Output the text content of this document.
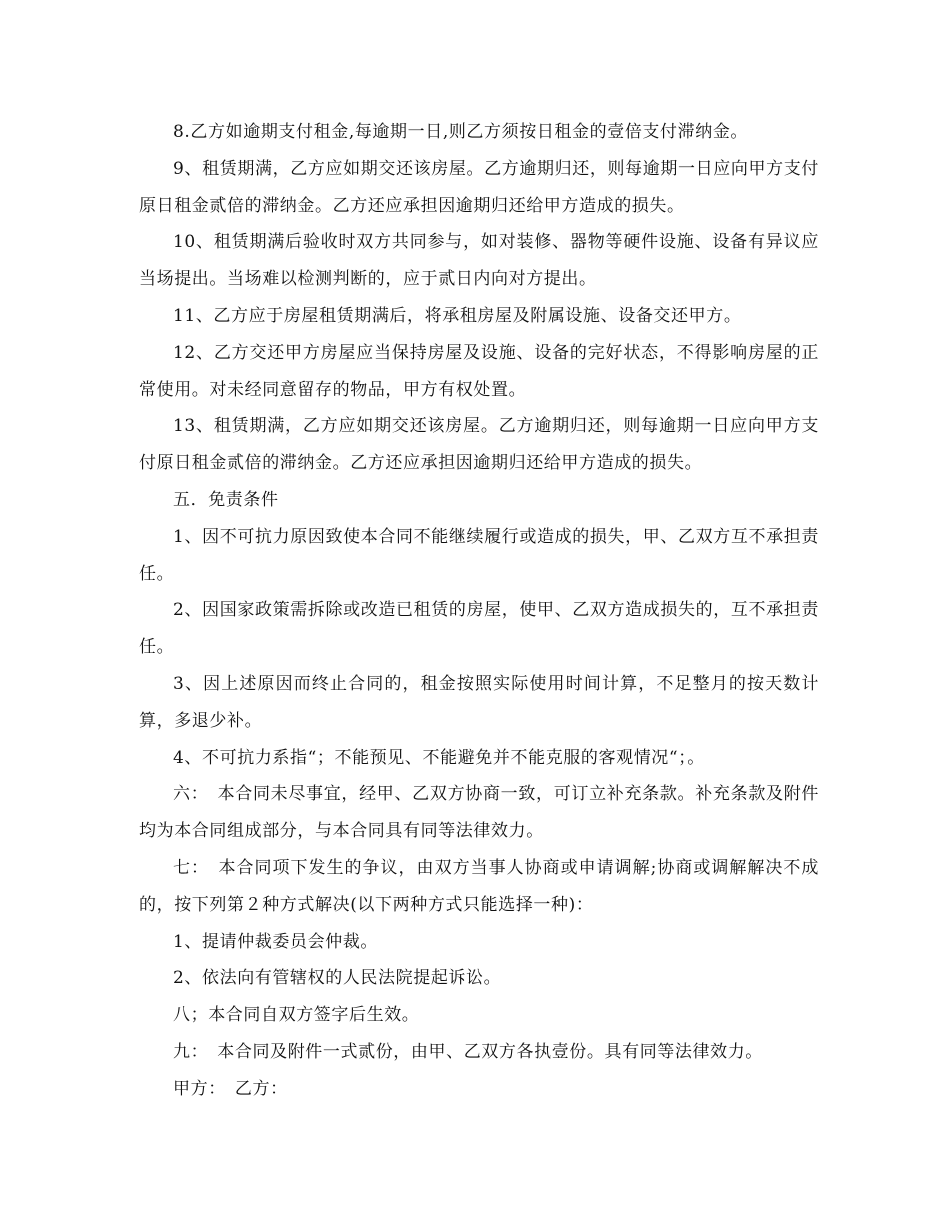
8.乙方如逾期支付租金,每逾期一日,则乙方须按日租金的壹倍支付滞纳金。

9、租赁期满，乙方应如期交还该房屋。乙方逾期归还，则每逾期一日应向甲方支付原日租金贰倍的滞纳金。乙方还应承担因逾期归还给甲方造成的损失。

10、租赁期满后验收时双方共同参与，如对装修、器物等硬件设施、设备有异议应当场提出。当场难以检测判断的，应于贰日内向对方提出。

11、乙方应于房屋租赁期满后，将承租房屋及附属设施、设备交还甲方。

12、乙方交还甲方房屋应当保持房屋及设施、设备的完好状态，不得影响房屋的正常使用。对未经同意留存的物品，甲方有权处置。

13、租赁期满，乙方应如期交还该房屋。乙方逾期归还，则每逾期一日应向甲方支付原日租金贰倍的滞纳金。乙方还应承担因逾期归还给甲方造成的损失。

五．免责条件

1、因不可抗力原因致使本合同不能继续履行或造成的损失，甲、乙双方互不承担责任。

2、因国家政策需拆除或改造已租赁的房屋，使甲、乙双方造成损失的，互不承担责任。

3、因上述原因而终止合同的，租金按照实际使用时间计算，不足整月的按天数计算，多退少补。

4、不可抗力系指“；不能预见、不能避免并不能克服的客观情况“；。

六：　本合同未尽事宜，经甲、乙双方协商一致，可订立补充条款。补充条款及附件均为本合同组成部分，与本合同具有同等法律效力。

七：　本合同项下发生的争议，由双方当事人协商或申请调解;协商或调解解决不成的，按下列第２种方式解决(以下两种方式只能选择一种)：

1、提请仲裁委员会仲裁。

2、依法向有管辖权的人民法院提起诉讼。

八；本合同自双方签字后生效。

九：　本合同及附件一式贰份，由甲、乙双方各执壹份。具有同等法律效力。

甲方：　乙方：
